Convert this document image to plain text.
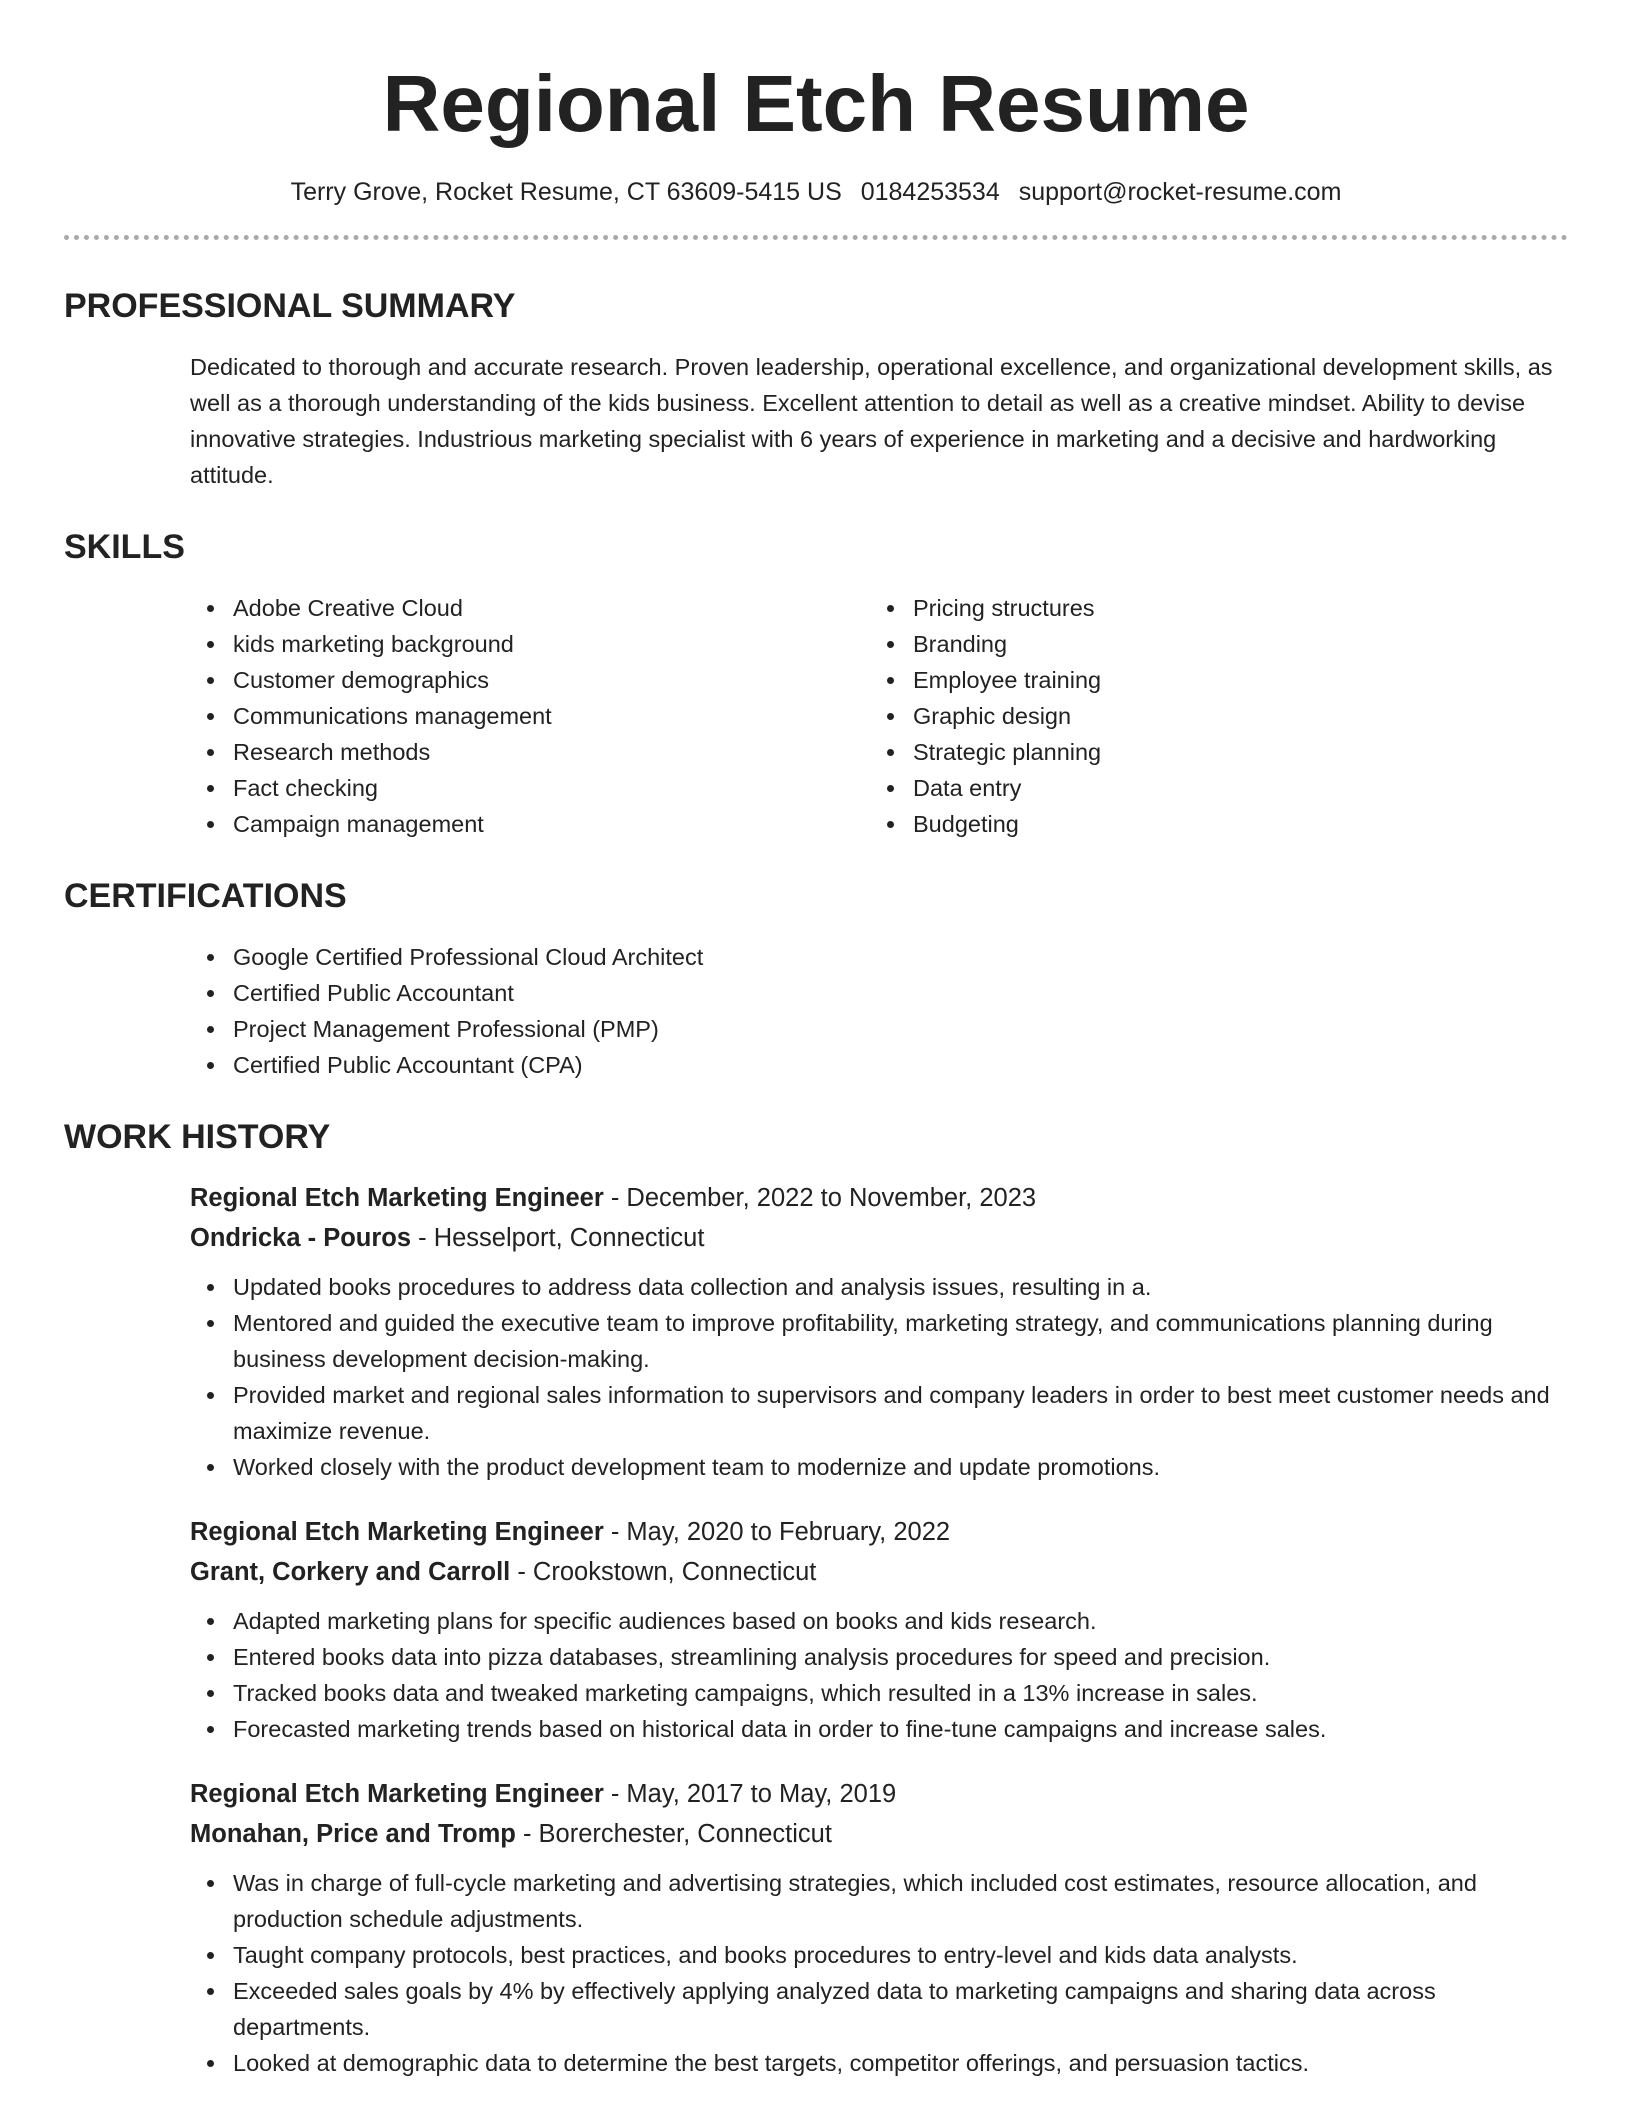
Regional Etch Resume
Terry Grove, Rocket Resume, CT 63609-5415 US 0184253534 support@rocket-resume.com
PROFESSIONAL SUMMARY

Dedicated to thorough and accurate research. Proven leadership, operational excellence, and organizational development skills, as well as a thorough understanding of the kids business. Excellent attention to detail as well as a creative mindset. Ability to devise innovative strategies. Industrious marketing specialist with 6 years of experience in marketing and a decisive and hardworking attitude.

SKILLS
Adobe Creative Cloud
kids marketing background
Customer demographics
Communications management
Research methods
Fact checking
Campaign management
Pricing structures
Branding
Employee training
Graphic design
Strategic planning
Data entry
Budgeting
CERTIFICATIONS
Google Certified Professional Cloud Architect
Certified Public Accountant
Project Management Professional (PMP)
Certified Public Accountant (CPA)
WORK HISTORY
Regional Etch Marketing Engineer - December, 2022 to November, 2023
Ondricka - Pouros - Hesselport, Connecticut
Updated books procedures to address data collection and analysis issues, resulting in a.
Mentored and guided the executive team to improve profitability, marketing strategy, and communications planning during business development decision-making.
Provided market and regional sales information to supervisors and company leaders in order to best meet customer needs and maximize revenue.
Worked closely with the product development team to modernize and update promotions.
Regional Etch Marketing Engineer - May, 2020 to February, 2022
Grant, Corkery and Carroll - Crookstown, Connecticut
Adapted marketing plans for specific audiences based on books and kids research.
Entered books data into pizza databases, streamlining analysis procedures for speed and precision.
Tracked books data and tweaked marketing campaigns, which resulted in a 13% increase in sales.
Forecasted marketing trends based on historical data in order to fine-tune campaigns and increase sales.
Regional Etch Marketing Engineer - May, 2017 to May, 2019
Monahan, Price and Tromp - Borerchester, Connecticut
Was in charge of full-cycle marketing and advertising strategies, which included cost estimates, resource allocation, and production schedule adjustments.
Taught company protocols, best practices, and books procedures to entry-level and kids data analysts.
Exceeded sales goals by 4% by effectively applying analyzed data to marketing campaigns and sharing data across departments.
Looked at demographic data to determine the best targets, competitor offerings, and persuasion tactics.
